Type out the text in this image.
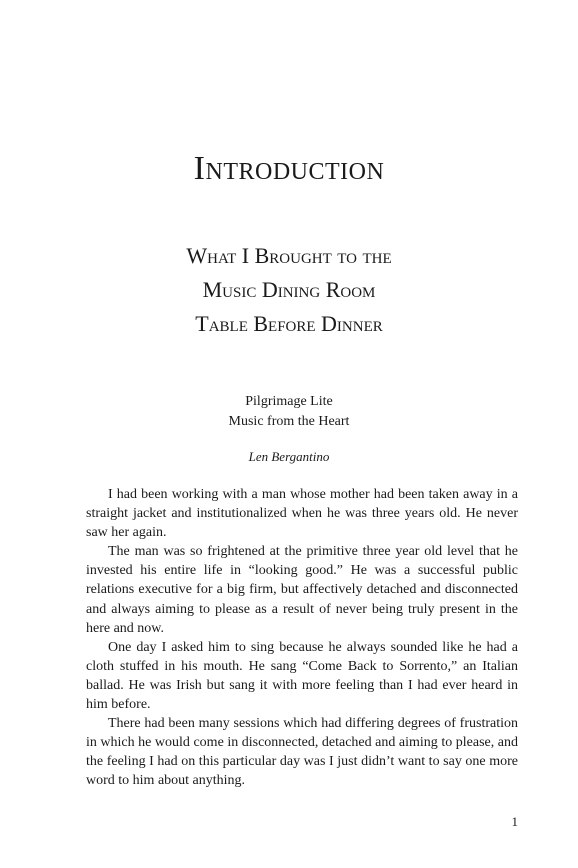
Introduction
What I Brought to the
Music Dining Room
Table Before Dinner
Pilgrimage Lite
Music from the Heart
Len Bergantino

I had been working with a man whose mother had been taken away in a straight jacket and institutionalized when he was three years old. He never saw her again.

The man was so frightened at the primitive three year old level that he invested his entire life in “looking good.” He was a successful public relations executive for a big firm, but affectively detached and disconnected and always aiming to please as a result of never being truly present in the here and now.

One day I asked him to sing because he always sounded like he had a cloth stuffed in his mouth. He sang “Come Back to Sorrento,” an Italian ballad. He was Irish but sang it with more feeling than I had ever heard in him before.

There had been many sessions which had differing degrees of frustration in which he would come in disconnected, detached and aiming to please, and the feeling I had on this particular day was I just didn’t want to say one more word to him about anything.

1
